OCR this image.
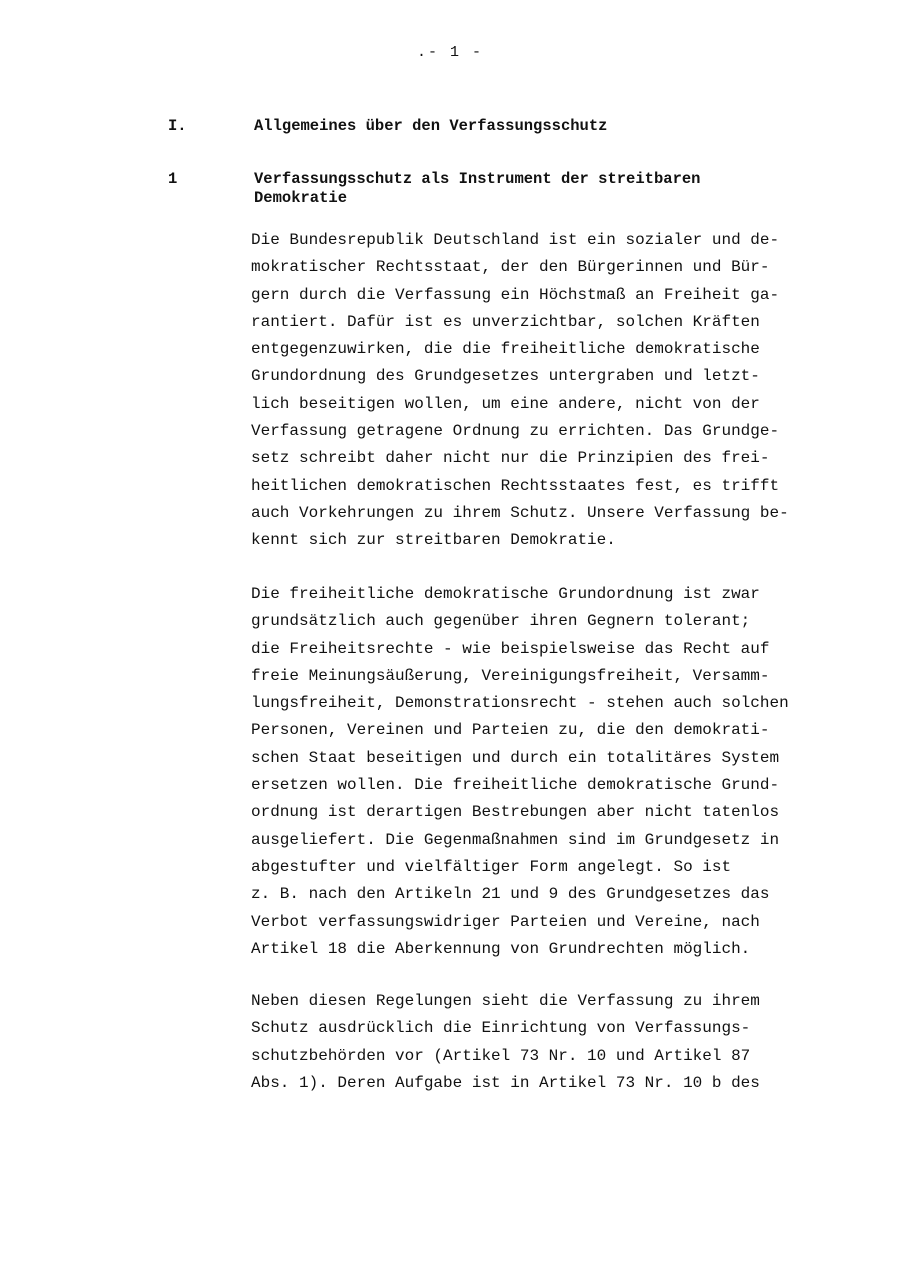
.- 1 -
I.	Allgemeines über den Verfassungsschutz
1	Verfassungsschutz als Instrument der streitbaren
Demokratie
Die Bundesrepublik Deutschland ist ein sozialer und de-
mokratischer Rechtsstaat, der den Bürgerinnen und Bür-
gern durch die Verfassung ein Höchstmaß an Freiheit ga-
rantiert. Dafür ist es unverzichtbar, solchen Kräften
entgegenzuwirken, die die freiheitliche demokratische
Grundordnung des Grundgesetzes untergraben und letzt-
lich beseitigen wollen, um eine andere, nicht von der
Verfassung getragene Ordnung zu errichten. Das Grundge-
setz schreibt daher nicht nur die Prinzipien des frei-
heitlichen demokratischen Rechtsstaates fest, es trifft
auch Vorkehrungen zu ihrem Schutz. Unsere Verfassung be-
kennt sich zur streitbaren Demokratie.
Die freiheitliche demokratische Grundordnung ist zwar
grundsätzlich auch gegenüber ihren Gegnern tolerant;
die Freiheitsrechte - wie beispielsweise das Recht auf
freie Meinungsäußerung, Vereinigungsfreiheit, Versamm-
lungsfreiheit, Demonstrationsrecht - stehen auch solchen
Personen, Vereinen und Parteien zu, die den demokrati-
schen Staat beseitigen und durch ein totalitäres System
ersetzen wollen. Die freiheitliche demokratische Grund-
ordnung ist derartigen Bestrebungen aber nicht tatenlos
ausgeliefert. Die Gegenmaßnahmen sind im Grundgesetz in
abgestufter und vielfältiger Form angelegt. So ist
z. B. nach den Artikeln 21 und 9 des Grundgesetzes das
Verbot verfassungswidriger Parteien und Vereine, nach
Artikel 18 die Aberkennung von Grundrechten möglich.
Neben diesen Regelungen sieht die Verfassung zu ihrem
Schutz ausdrücklich die Einrichtung von Verfassungs-
schutzbehörden vor (Artikel 73 Nr. 10 und Artikel 87
Abs. 1). Deren Aufgabe ist in Artikel 73 Nr. 10 b des
